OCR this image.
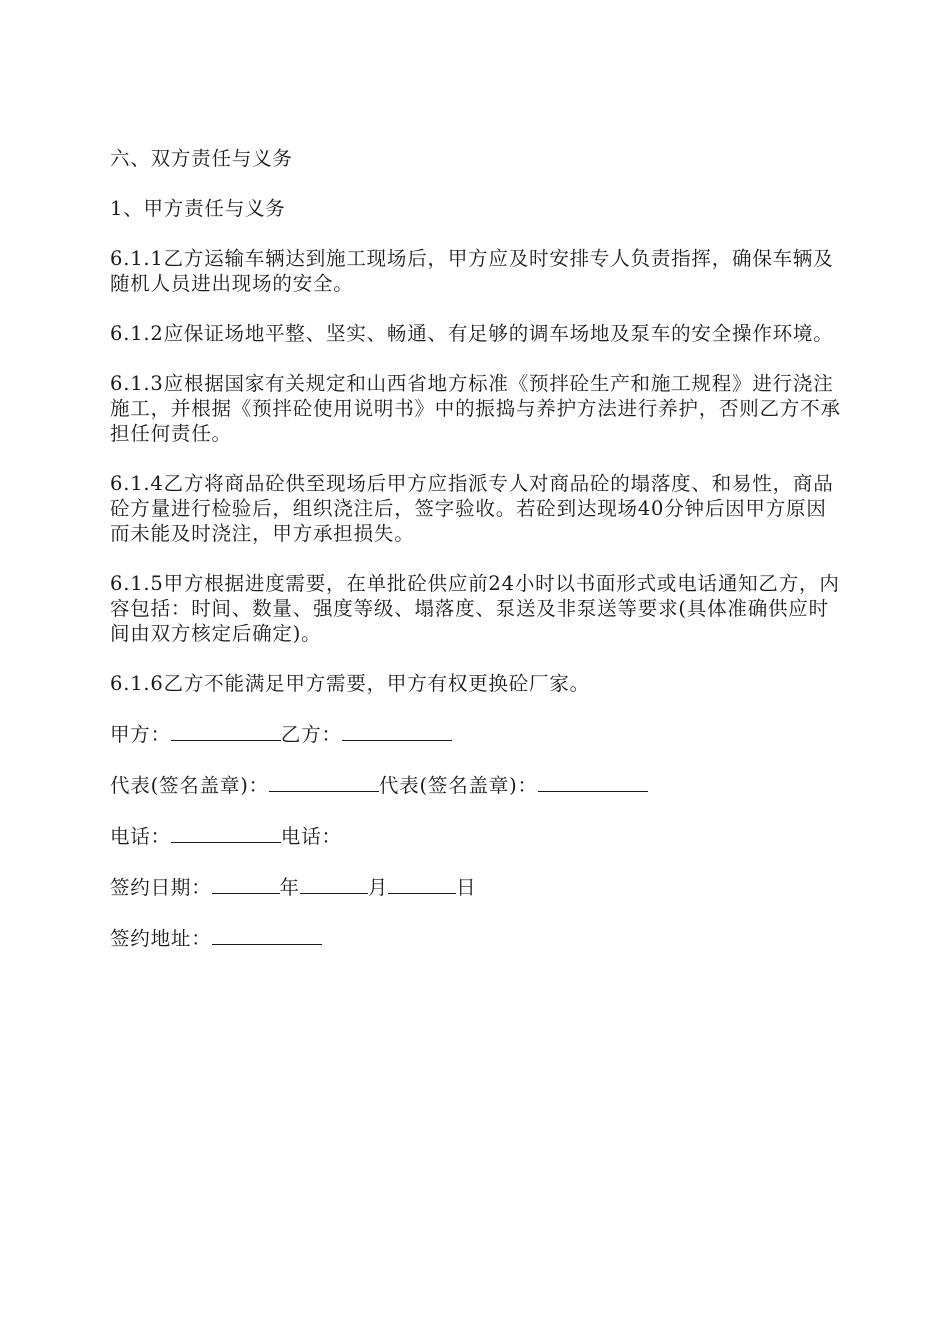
六、双方责任与义务

1、甲方责任与义务

6.1.1乙方运输车辆达到施工现场后，甲方应及时安排专人负责指挥，确保车辆及随机人员进出现场的安全。

6.1.2应保证场地平整、坚实、畅通、有足够的调车场地及泵车的安全操作环境。

6.1.3应根据国家有关规定和山西省地方标准《预拌砼生产和施工规程》进行浇注施工，并根据《预拌砼使用说明书》中的振捣与养护方法进行养护，否则乙方不承担任何责任。

6.1.4乙方将商品砼供至现场后甲方应指派专人对商品砼的塌落度、和易性，商品砼方量进行检验后，组织浇注后，签字验收。若砼到达现场40分钟后因甲方原因而未能及时浇注，甲方承担损失。

6.1.5甲方根据进度需要，在单批砼供应前24小时以书面形式或电话通知乙方，内容包括：时间、数量、强度等级、塌落度、泵送及非泵送等要求(具体准确供应时间由双方核定后确定)。

6.1.6乙方不能满足甲方需要，甲方有权更换砼厂家。

甲方：	乙方：

代表(签名盖章)：	代表(签名盖章)：

电话：	电话：

签约日期：	年	月	日

签约地址：
